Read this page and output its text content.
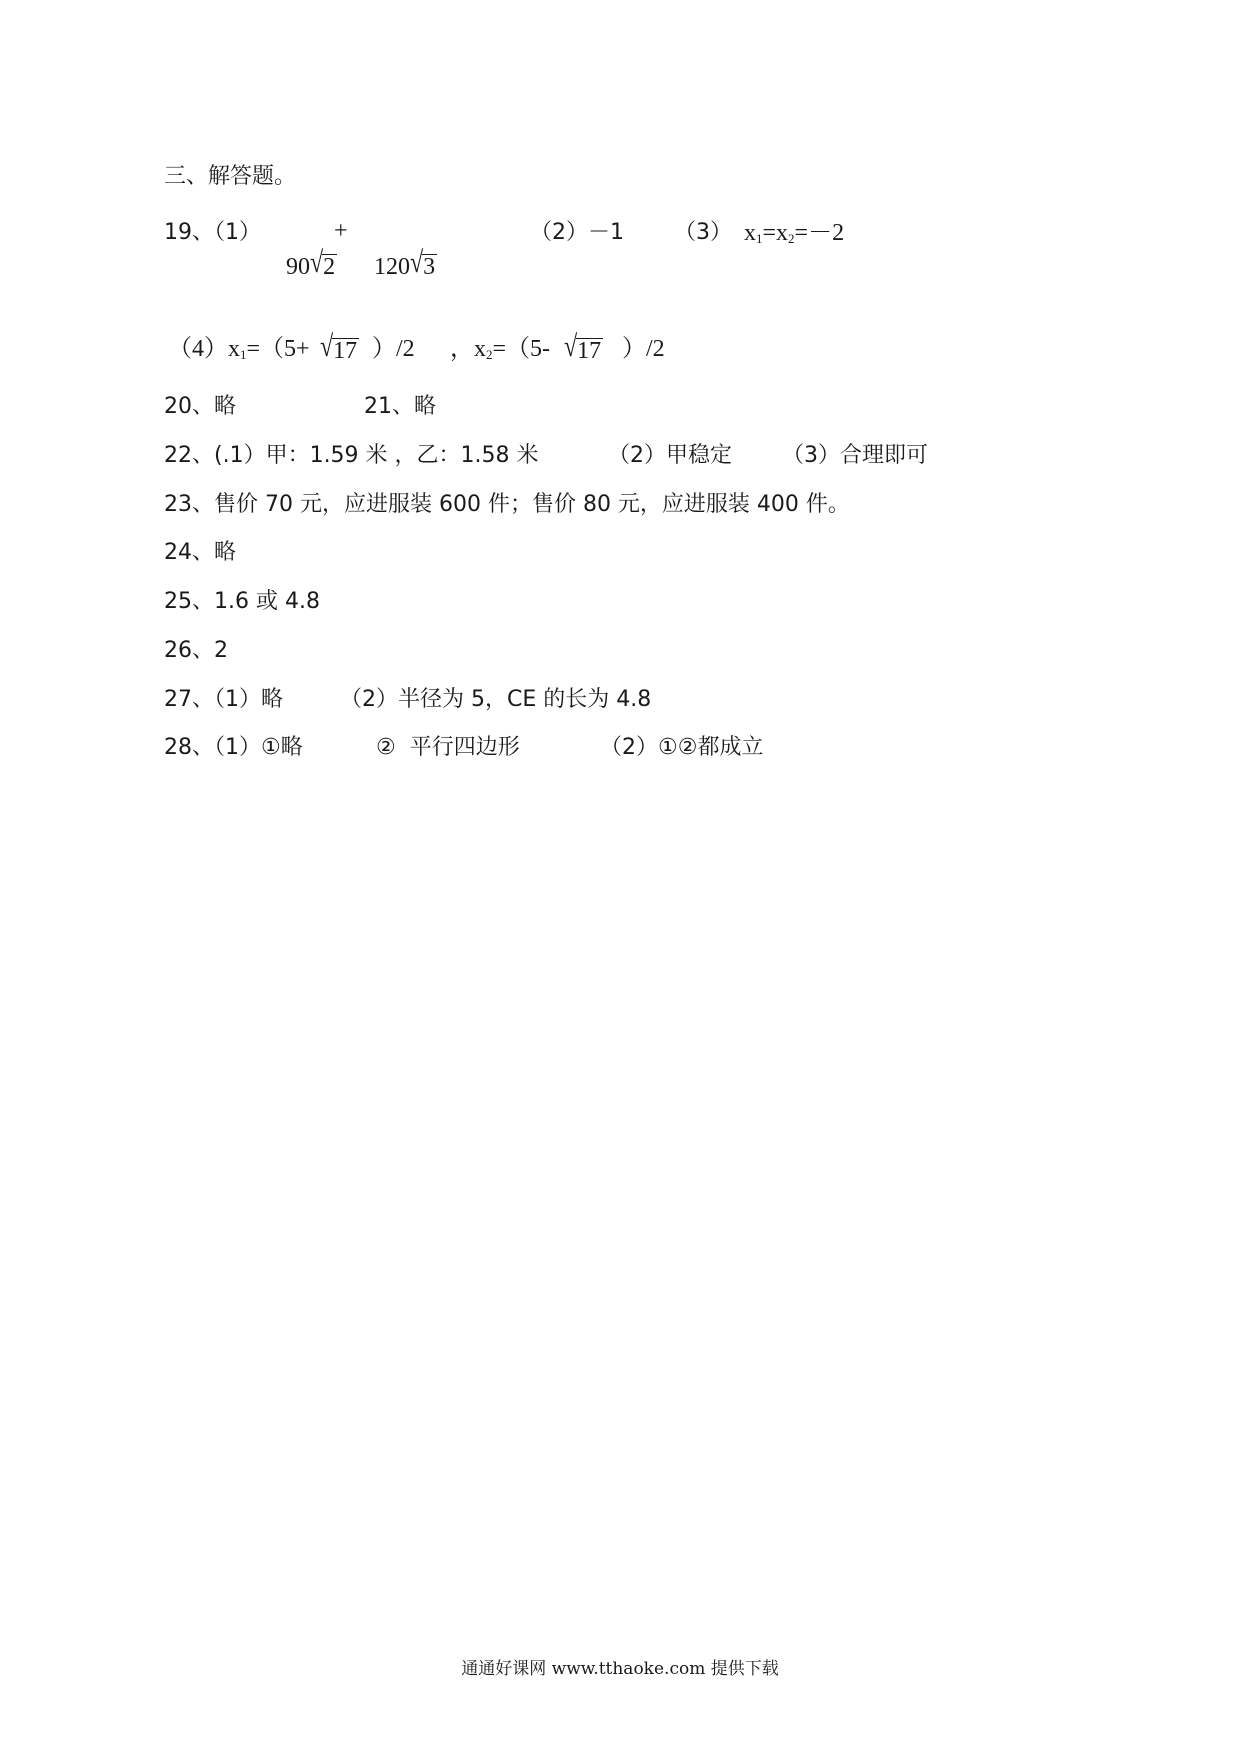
三、解答题。

19、（1）

90√2

+

120√3

（2）－1

（3）

$x_1=x_2=-2$

$(4)x_1=(5+$

√17

）/2

，$x_2=(5-$

√17

）/2

20、略	21、略
22、(.1）甲：1.59 米 ，乙：1.58 米	（2）甲稳定 （3）合理即可
23、售价 70 元，应进服装 600 件；售价 80 元，应进服装 400 件。
24、略
25、1.6 或 4.8
26、2
27、（1）略	（2）半径为 5，CE 的长为 4.8
28、（1）①略	②  平行四边形	（2）①②都成立
通通好课网 www.tthaoke.com 提供下载
